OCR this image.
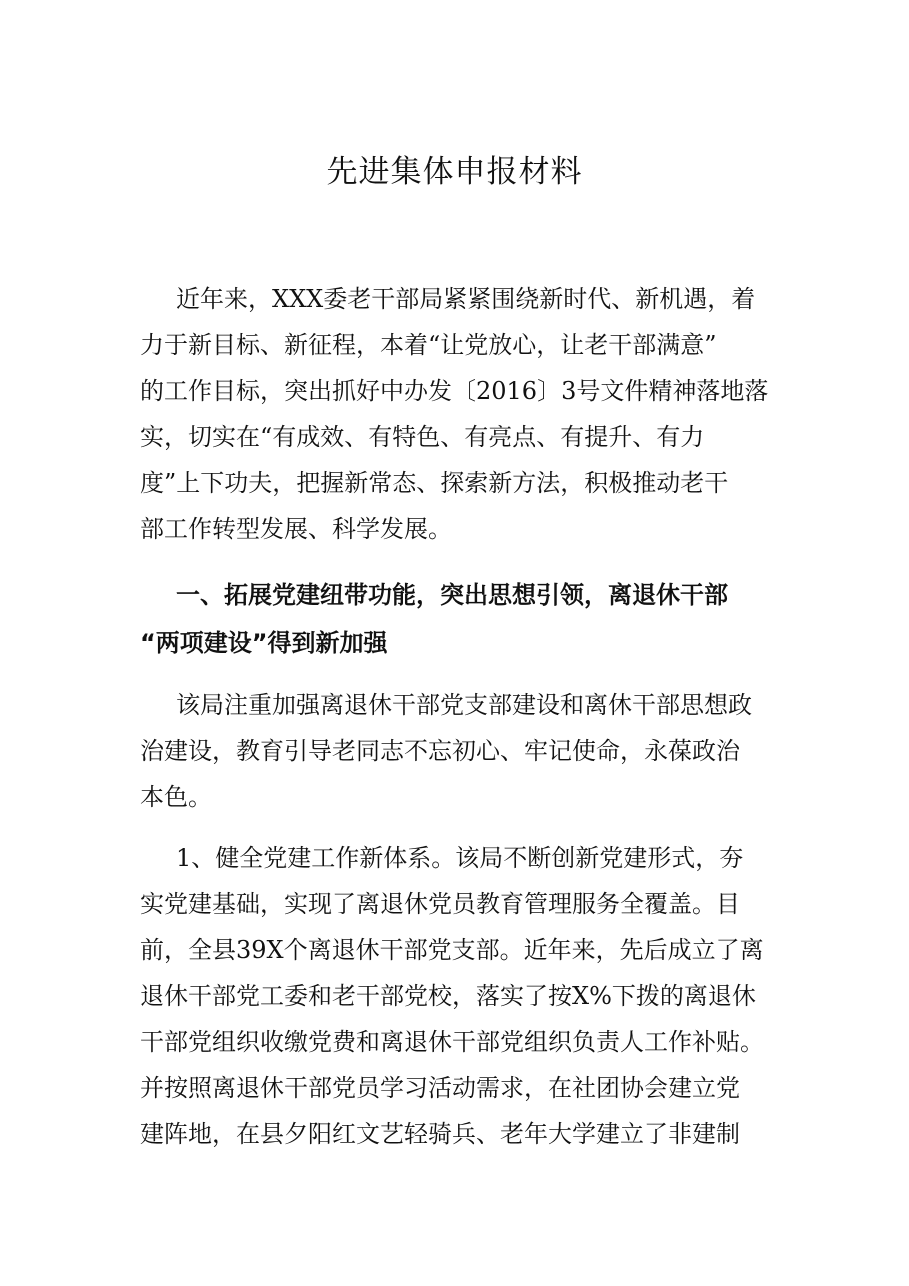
先进集体申报材料

近年来，XXX委老干部局紧紧围绕新时代、新机遇，着

力于新目标、新征程，本着“让党放心，让老干部满意”

的工作目标，突出抓好中办发〔2016〕3号文件精神落地落

实，切实在“有成效、有特色、有亮点、有提升、有力

度”上下功夫，把握新常态、探索新方法，积极推动老干

部工作转型发展、科学发展。

一、拓展党建纽带功能，突出思想引领，离退休干部

“两项建设”得到新加强

该局注重加强离退休干部党支部建设和离休干部思想政

治建设，教育引导老同志不忘初心、牢记使命，永葆政治

本色。

1、健全党建工作新体系。该局不断创新党建形式，夯

实党建基础，实现了离退休党员教育管理服务全覆盖。目

前，全县39X个离退休干部党支部。近年来，先后成立了离

退休干部党工委和老干部党校，落实了按X%下拨的离退休

干部党组织收缴党费和离退休干部党组织负责人工作补贴。

并按照离退休干部党员学习活动需求，在社团协会建立党

建阵地，在县夕阳红文艺轻骑兵、老年大学建立了非建制
